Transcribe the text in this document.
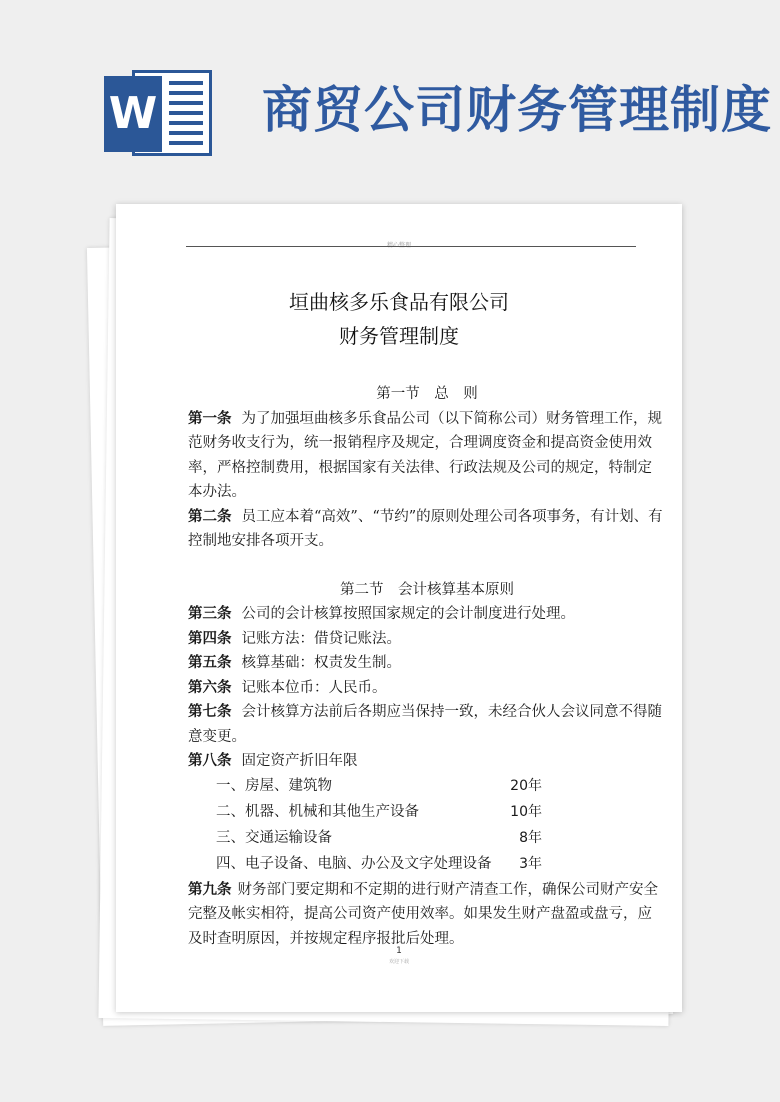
W 商贸公司财务管理制度
精心整理
垣曲核多乐食品有限公司
财务管理制度

第一节　总　则

第一条 为了加强垣曲核多乐食品公司（以下简称公司）财务管理工作，规范财务收支行为，统一报销程序及规定，合理调度资金和提高资金使用效率，严格控制费用，根据国家有关法律、行政法规及公司的规定，特制定本办法。

第二条 员工应本着“高效”、“节约”的原则处理公司各项事务，有计划、有控制地安排各项开支。

第二节　会计核算基本原则

第三条 公司的会计核算按照国家规定的会计制度进行处理。

第四条 记账方法：借贷记账法。

第五条 核算基础：权责发生制。

第六条 记账本位币：人民币。

第七条 会计核算方法前后各期应当保持一致，未经合伙人会议同意不得随意变更。

第八条 固定资产折旧年限

一、房屋、建筑物	20年
二、机器、机械和其他生产设备	10年
三、交通运输设备	8年
四、电子设备、电脑、办公及文字处理设备 3年

第九条 财务部门要定期和不定期的进行财产清查工作，确保公司财产安全完整及帐实相符，提高公司资产使用效率。如果发生财产盘盈或盘亏，应及时查明原因，并按规定程序报批后处理。

1
欢迎下载
